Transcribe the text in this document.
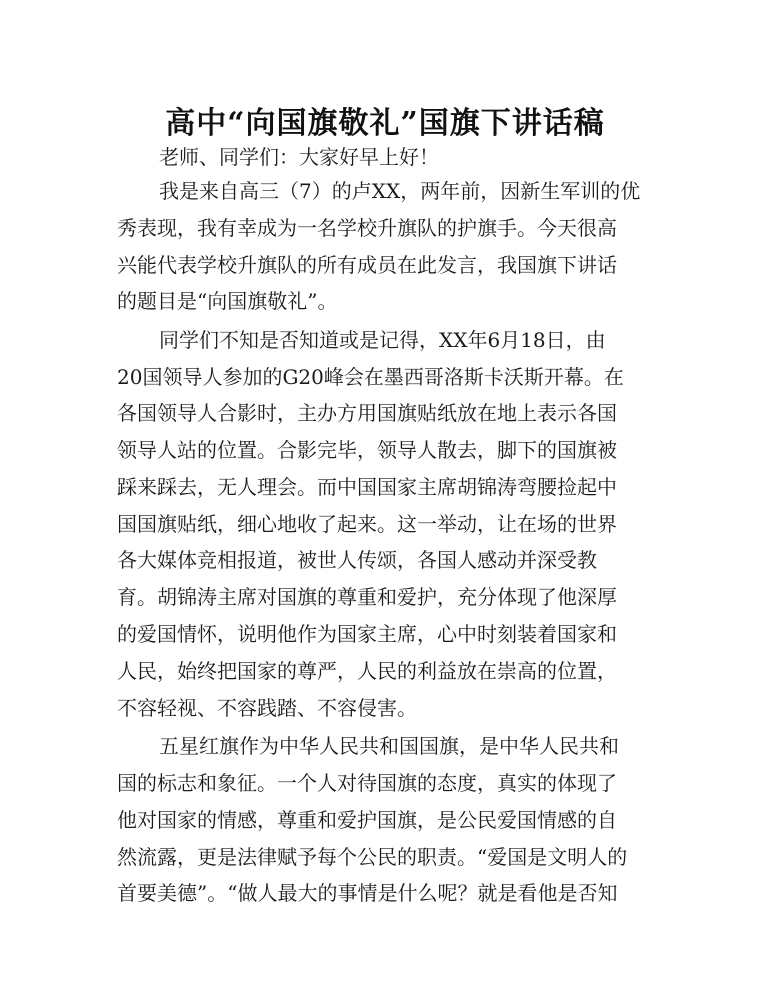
高中“向国旗敬礼”国旗下讲话稿

老师、同学们：大家好早上好！

我是来自高三（7）的卢XX，两年前，因新生军训的优

秀表现，我有幸成为一名学校升旗队的护旗手。今天很高

兴能代表学校升旗队的所有成员在此发言，我国旗下讲话

的题目是“向国旗敬礼”。

同学们不知是否知道或是记得，XX年6月18日，由

20国领导人参加的G20峰会在墨西哥洛斯卡沃斯开幕。在

各国领导人合影时，主办方用国旗贴纸放在地上表示各国

领导人站的位置。合影完毕，领导人散去，脚下的国旗被

踩来踩去，无人理会。而中国国家主席胡锦涛弯腰捡起中

国国旗贴纸，细心地收了起来。这一举动，让在场的世界

各大媒体竞相报道，被世人传颂，各国人感动并深受教

育。胡锦涛主席对国旗的尊重和爱护，充分体现了他深厚

的爱国情怀，说明他作为国家主席，心中时刻装着国家和

人民，始终把国家的尊严，人民的利益放在崇高的位置，

不容轻视、不容践踏、不容侵害。

五星红旗作为中华人民共和国国旗，是中华人民共和

国的标志和象征。一个人对待国旗的态度，真实的体现了

他对国家的情感，尊重和爱护国旗，是公民爱国情感的自

然流露，更是法律赋予每个公民的职责。“爱国是文明人的

首要美德”。“做人最大的事情是什么呢？就是看他是否知
